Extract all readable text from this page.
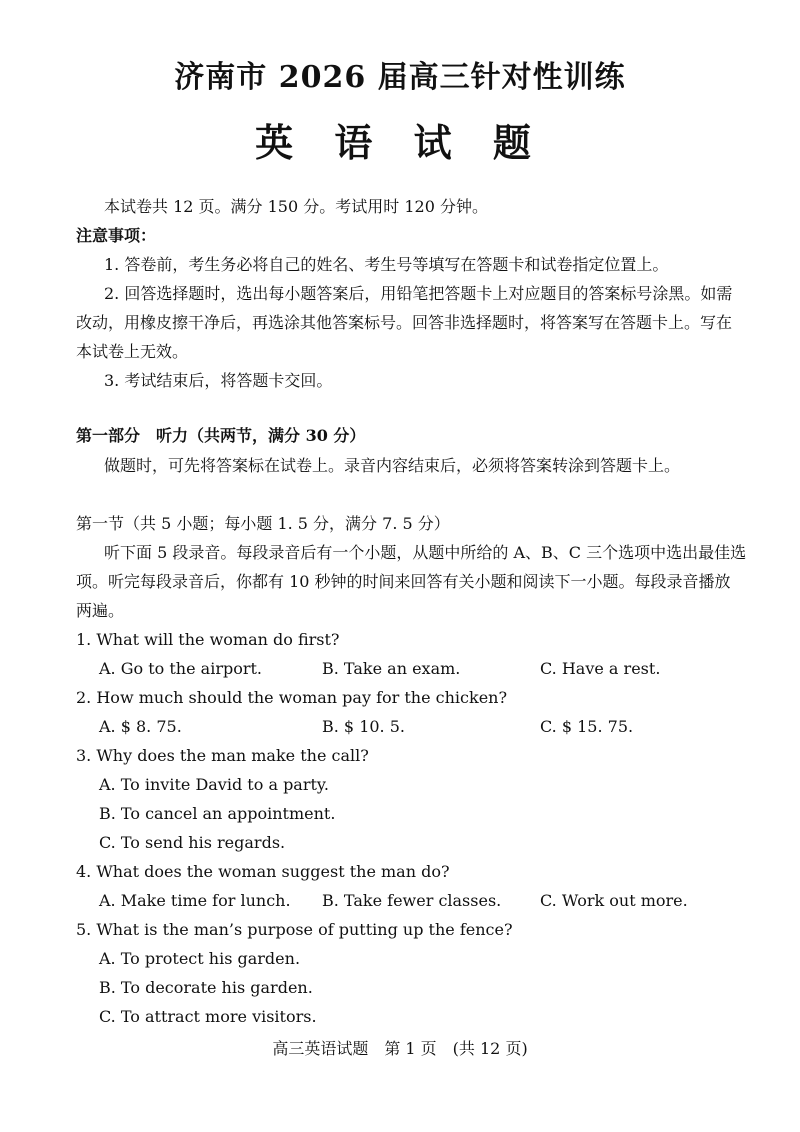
济南市 2026 届高三针对性训练
英 语 试 题
本试卷共 12 页。满分 150 分。考试用时 120 分钟。
注意事项：
1. 答卷前，考生务必将自己的姓名、考生号等填写在答题卡和试卷指定位置上。
2. 回答选择题时，选出每小题答案后，用铅笔把答题卡上对应题目的答案标号涂黑。如需
改动，用橡皮擦干净后，再选涂其他答案标号。回答非选择题时，将答案写在答题卡上。写在
本试卷上无效。
3. 考试结束后，将答题卡交回。
第一部分　听力（共两节，满分 30 分）
做题时，可先将答案标在试卷上。录音内容结束后，必须将答案转涂到答题卡上。
第一节（共 5 小题；每小题 1. 5 分，满分 7. 5 分）
听下面 5 段录音。每段录音后有一个小题，从题中所给的 A、B、C 三个选项中选出最佳选
项。听完每段录音后，你都有 10 秒钟的时间来回答有关小题和阅读下一小题。每段录音播放
两遍。
1. What will the woman do first?
A. Go to the airport.	B. Take an exam.	C. Have a rest.
2. How much should the woman pay for the chicken?
A. $ 8. 75.	B. $ 10. 5.	C. $ 15. 75.
3. Why does the man make the call?
A. To invite David to a party.
B. To cancel an appointment.
C. To send his regards.
4. What does the woman suggest the man do?
A. Make time for lunch. B. Take fewer classes. C. Work out more.
5. What is the man’s purpose of putting up the fence?
A. To protect his garden.
B. To decorate his garden.
C. To attract more visitors.
高三英语试题　第 1 页　(共 12 页)
